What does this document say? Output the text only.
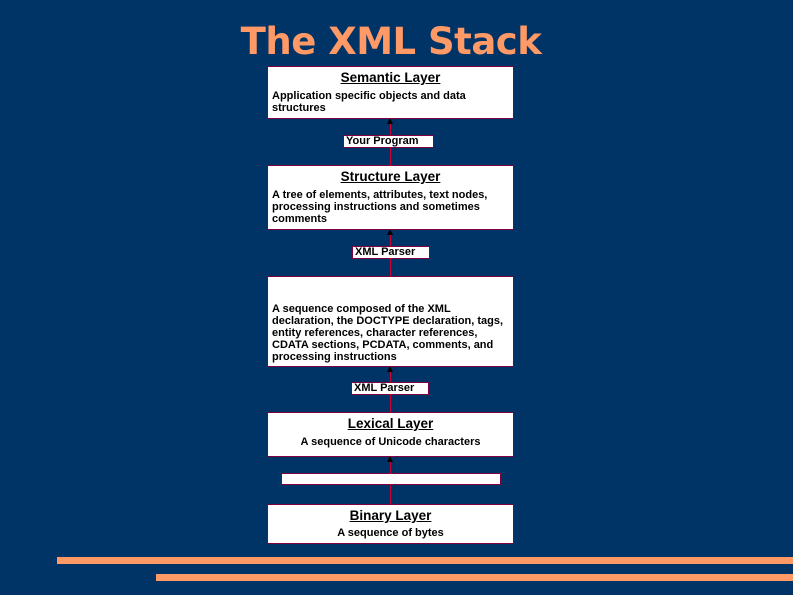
The XML Stack
Semantic Layer
Application specific objects and data structures
Your Program
Structure Layer
A tree of elements, attributes, text nodes, processing instructions and sometimes comments
XML Parser
A sequence composed of the XML declaration, the DOCTYPE declaration, tags, entity references, character references, CDATA sections, PCDATA, comments, and processing instructions
XML Parser
Lexical Layer
A sequence of Unicode characters
Binary Layer
A sequence of bytes
